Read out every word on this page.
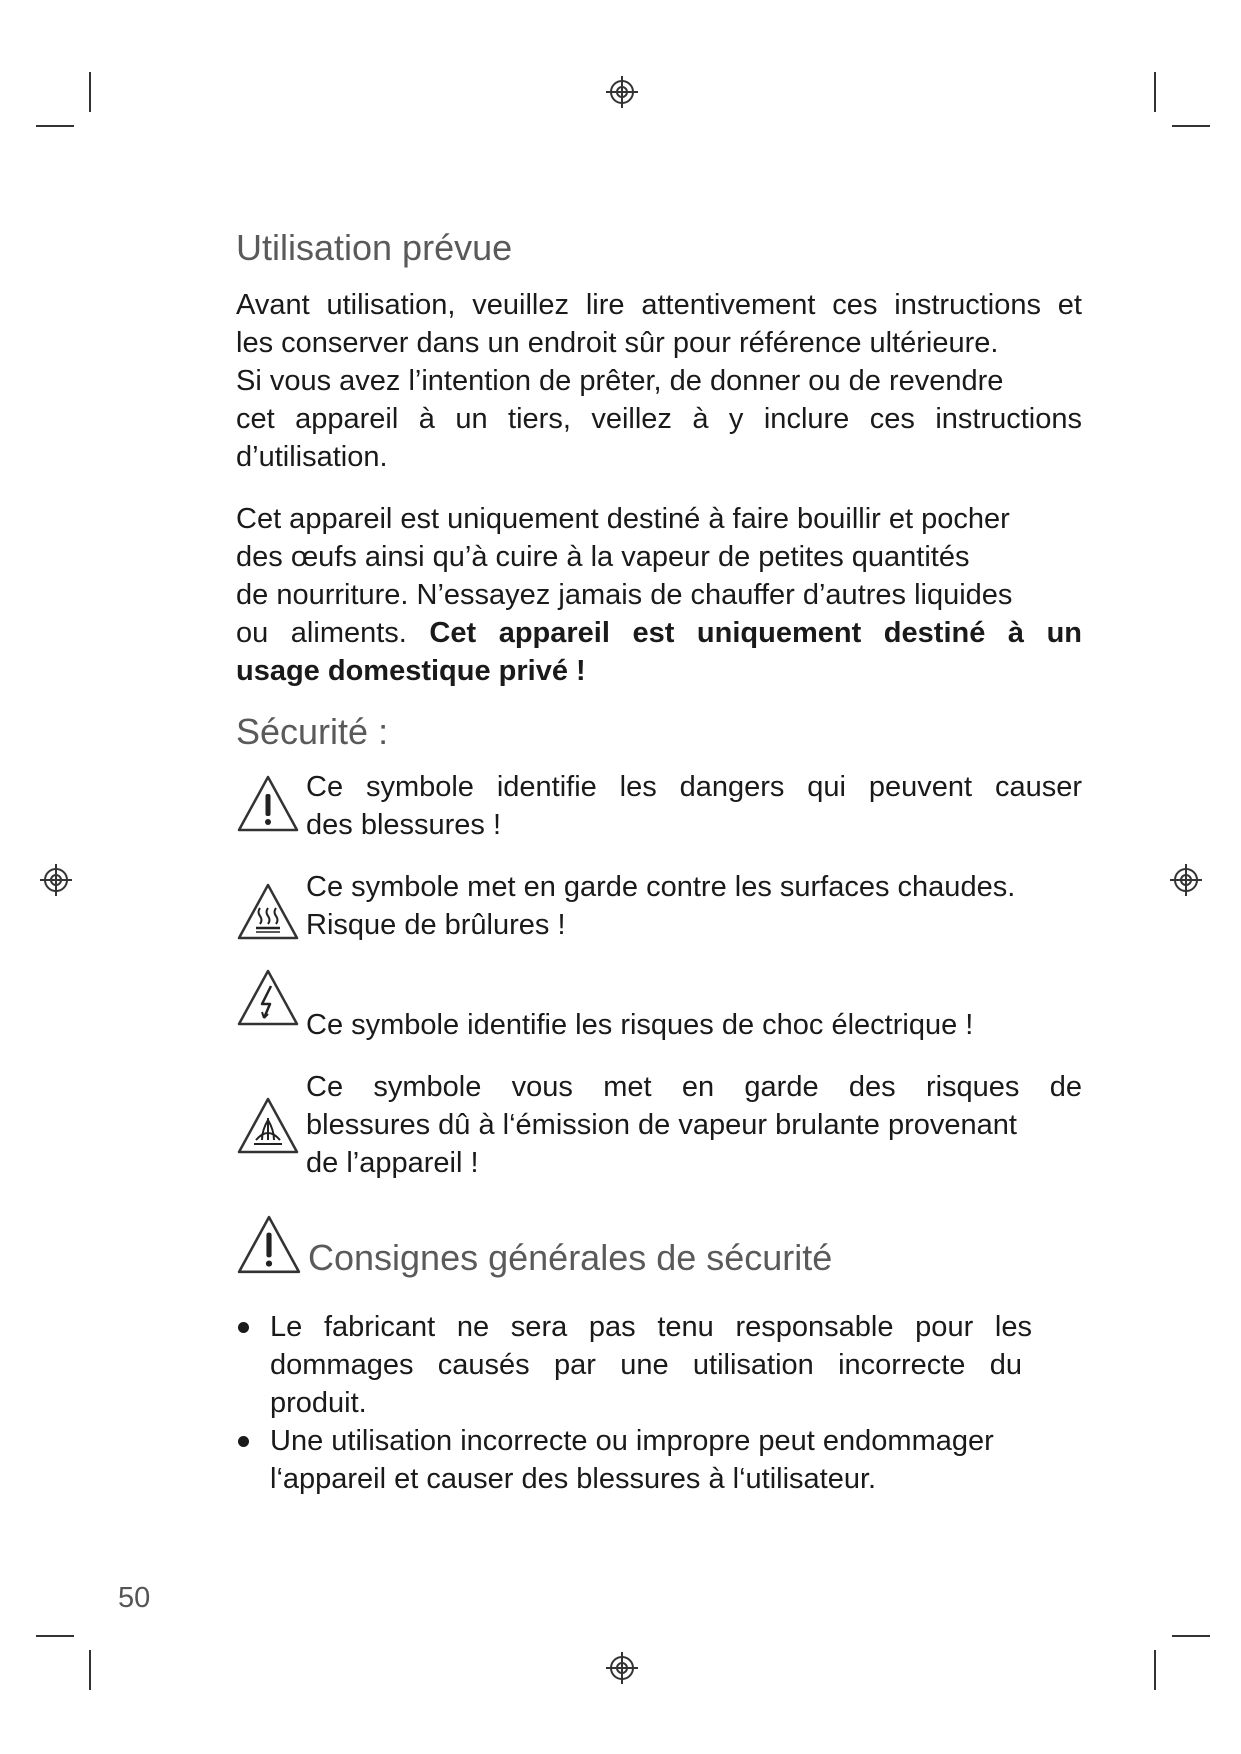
Utilisation prévue
Avant utilisation, veuillez lire attentivement ces instructions et
les conserver dans un endroit sûr pour référence ultérieure.
Si vous avez l’intention de prêter, de donner ou de revendre
cet appareil à un tiers, veillez à y inclure ces instructions
d’utilisation.
Cet appareil est uniquement destiné à faire bouillir et pocher
des œufs ainsi qu’à cuire à la vapeur de petites quantités
de nourriture. N’essayez jamais de chauffer d’autres liquides
ou aliments. Cet appareil est uniquement destiné à un
usage domestique privé !
Sécurité :
Ce symbole identifie les dangers qui peuvent causer
des blessures !
Ce symbole met en garde contre les surfaces chaudes.
Risque de brûlures !
Ce symbole identifie les risques de choc électrique !
Ce symbole vous met en garde des risques de
blessures dû à l‘émission de vapeur brulante provenant
de l’appareil !
Consignes générales de sécurité
Le fabricant ne sera pas tenu responsable pour les
dommages causés par une utilisation incorrecte du
produit.
Une utilisation incorrecte ou impropre peut endommager
l‘appareil et causer des blessures à l‘utilisateur.
50
